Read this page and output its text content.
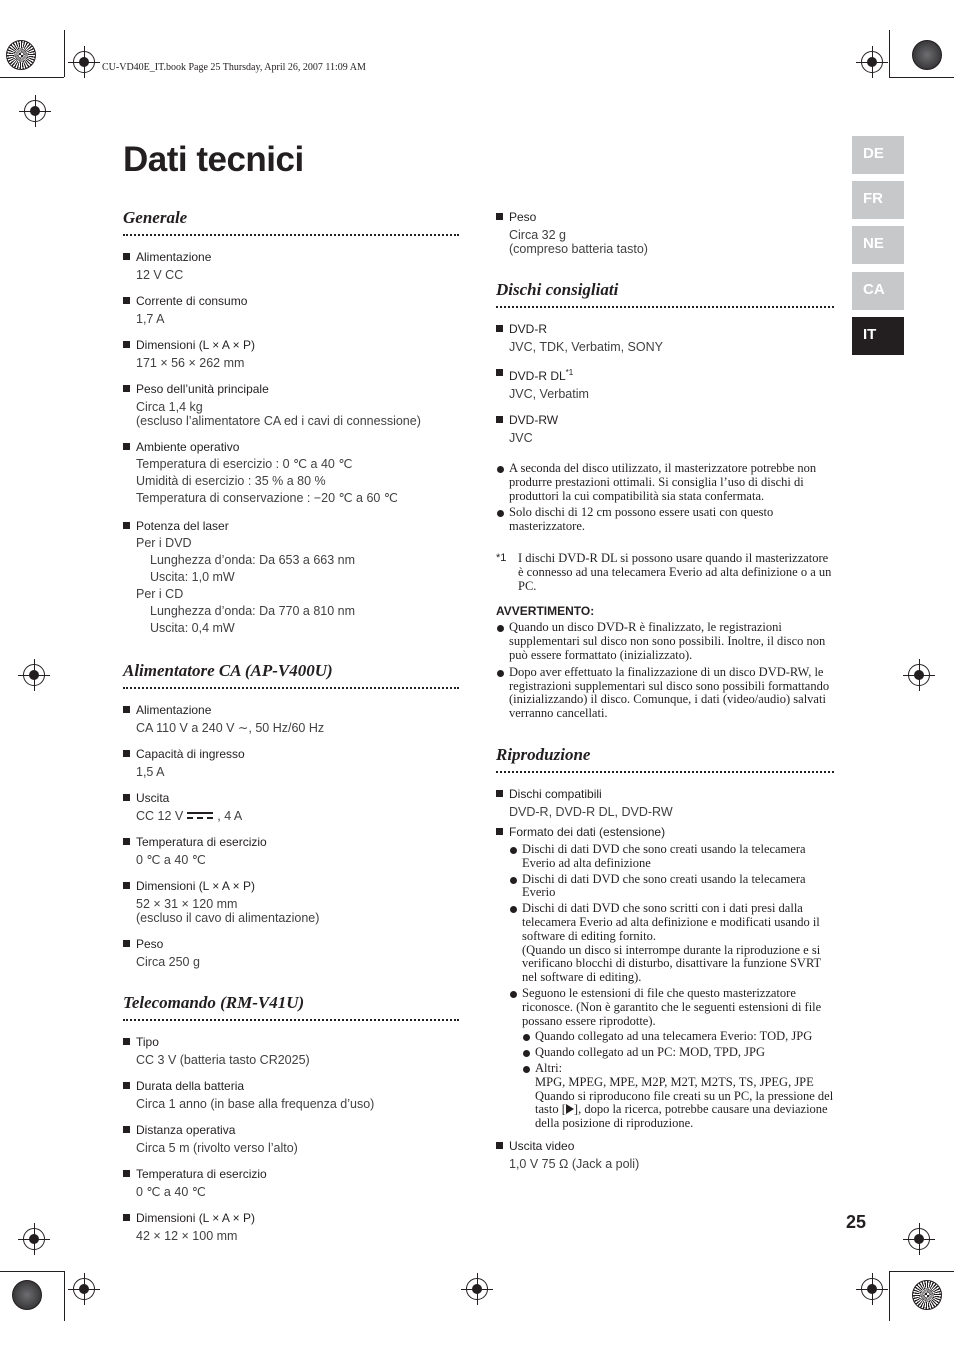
CU-VD40E_IT.book Page 25 Thursday, April 26, 2007 11:09 AM
Dati tecnici	DE
FR
NE
CA
IT
Generale
Alimentazione
12 V CC
Corrente di consumo
1,7 A
Dimensioni (L × A × P)
171 × 56 × 262 mm
Peso dell’unità principale
Circa 1,4 kg
(escluso l’alimentatore CA ed i cavi di connessione)
Ambiente operativo
Temperatura di esercizio : 0 ℃ a 40 ℃
Umidità di esercizio : 35 % a 80 %
Temperatura di conservazione : −20 ℃ a 60 ℃
Potenza del laser
Per i DVD
Lunghezza d’onda: Da 653 a 663 nm
Uscita: 1,0 mW
Per i CD
Lunghezza d’onda: Da 770 a 810 nm
Uscita: 0,4 mW
Alimentatore CA (AP-V400U)
Alimentazione
CA 110 V a 240 V ∼, 50 Hz/60 Hz
Capacità di ingresso
1,5 A
Uscita
CC 12 V	, 4 A
Temperatura di esercizio
0 ℃ a 40 ℃
Dimensioni (L × A × P)
52 × 31 × 120 mm
(escluso il cavo di alimentazione)
Peso
Circa 250 g
Telecomando (RM-V41U)
Tipo
CC 3 V (batteria tasto CR2025)
Durata della batteria
Circa 1 anno (in base alla frequenza d’uso)
Distanza operativa
Circa 5 m (rivolto verso l’alto)
Temperatura di esercizio
0 ℃ a 40 ℃
Dimensioni (L × A × P)
42 × 12 × 100 mm
Peso
Circa 32 g
(compreso batteria tasto)
Dischi consigliati
DVD-R
JVC, TDK, Verbatim, SONY
DVD-R DL$^{*1}$
JVC, Verbatim
DVD-RW
JVC
A seconda del disco utilizzato, il masterizzatore potrebbe non produrre prestazioni ottimali. Si consiglia l’uso di dischi di produttori la cui compatibilità sia stata confermata.
Solo dischi di 12 cm possono essere usati con questo masterizzatore.
*1 I dischi DVD-R DL si possono usare quando il masterizzatore è connesso ad una telecamera Everio ad alta definizione o a un PC.
AVVERTIMENTO:
Quando un disco DVD-R è finalizzato, le registrazioni supplementari sul disco non sono possibili. Inoltre, il disco non può essere formattato (inizializzato).
Dopo aver effettuato la finalizzazione di un disco DVD-RW, le registrazioni supplementari sul disco sono possibili formattando (inizializzando) il disco. Comunque, i dati (video/audio) salvati verranno cancellati.
Riproduzione
Dischi compatibili
DVD-R, DVD-R DL, DVD-RW
Formato dei dati (estensione)
Dischi di dati DVD che sono creati usando la telecamera Everio ad alta definizione
Dischi di dati DVD che sono creati usando la telecamera Everio
Dischi di dati DVD che sono scritti con i dati presi dalla telecamera Everio ad alta definizione e modificati usando il software di editing fornito.
(Quando un disco si interrompe durante la riproduzione e si verificano blocchi di disturbo, disattivare la funzione SVRT nel software di editing).
Seguono le estensioni di file che questo masterizzatore riconosce. (Non è garantito che le seguenti estensioni di file possano essere riprodotte).
Quando collegato ad una telecamera Everio: TOD, JPG
Quando collegato ad un PC: MOD, TPD, JPG
Altri:
MPG, MPEG, MPE, M2P, M2T, M2TS, TS, JPEG, JPE
Quando si riproducono file creati su un PC, la pressione del tasto [ ], dopo la ricerca, potrebbe causare una deviazione della posizione di riproduzione.
Uscita video
1,0 V 75 Ω (Jack a poli)
25
